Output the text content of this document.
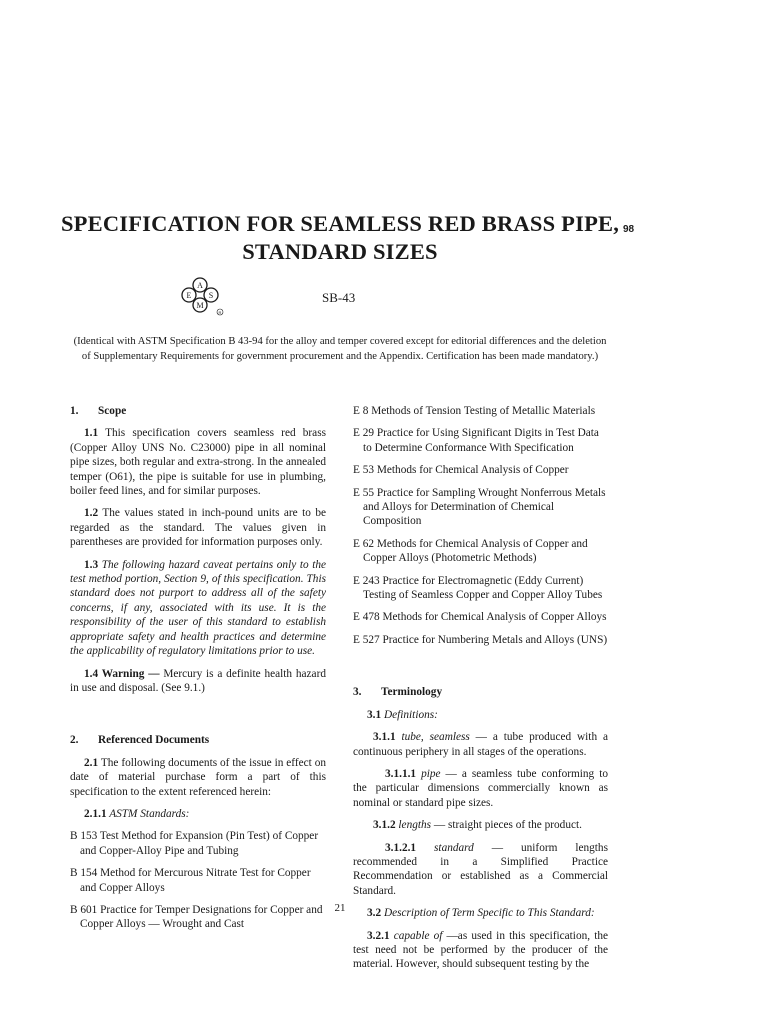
SPECIFICATION FOR SEAMLESS RED BRASS PIPE,
STANDARD SIZES
98
A
S
M
E
R
SB-43
(Identical with ASTM Specification B 43-94 for the alloy and temper covered except for editorial differences and the deletion of Supplementary Requirements for government procurement and the Appendix. Certification has been made mandatory.)
1. Scope

1.1 This specification covers seamless red brass (Copper Alloy UNS No. C23000) pipe in all nominal pipe sizes, both regular and extra-strong. In the annealed temper (O61), the pipe is suitable for use in plumbing, boiler feed lines, and for similar purposes.

1.2 The values stated in inch-pound units are to be regarded as the standard. The values given in parentheses are provided for information purposes only.

1.3 The following hazard caveat pertains only to the test method portion, Section 9, of this specification. This standard does not purport to address all of the safety concerns, if any, associated with its use. It is the responsibility of the user of this standard to establish appropriate safety and health practices and determine the applicability of regulatory limitations prior to use.

1.4 Warning — Mercury is a definite health hazard in use and disposal. (See 9.1.)

2. Referenced Documents

2.1 The following documents of the issue in effect on date of material purchase form a part of this specification to the extent referenced herein:

2.1.1 ASTM Standards:

B 153 Test Method for Expansion (Pin Test) of Copper and Copper-Alloy Pipe and Tubing

B 154 Method for Mercurous Nitrate Test for Copper and Copper Alloys

B 601 Practice for Temper Designations for Copper and Copper Alloys — Wrought and Cast

E 8 Methods of Tension Testing of Metallic Materials

E 29 Practice for Using Significant Digits in Test Data to Determine Conformance With Specification

E 53 Methods for Chemical Analysis of Copper

E 55 Practice for Sampling Wrought Nonferrous Metals and Alloys for Determination of Chemical Composition

E 62 Methods for Chemical Analysis of Copper and Copper Alloys (Photometric Methods)

E 243 Practice for Electromagnetic (Eddy Current) Testing of Seamless Copper and Copper Alloy Tubes

E 478 Methods for Chemical Analysis of Copper Alloys

E 527 Practice for Numbering Metals and Alloys (UNS)

3. Terminology

3.1 Definitions:

3.1.1 tube, seamless — a tube produced with a continuous periphery in all stages of the operations.

3.1.1.1 pipe — a seamless tube conforming to the particular dimensions commercially known as nominal or standard pipe sizes.

3.1.2 lengths — straight pieces of the product.

3.1.2.1 standard — uniform lengths recommended in a Simplified Practice Recommendation or established as a Commercial Standard.

3.2 Description of Term Specific to This Standard:

3.2.1 capable of —as used in this specification, the test need not be performed by the producer of the material. However, should subsequent testing by the

21
